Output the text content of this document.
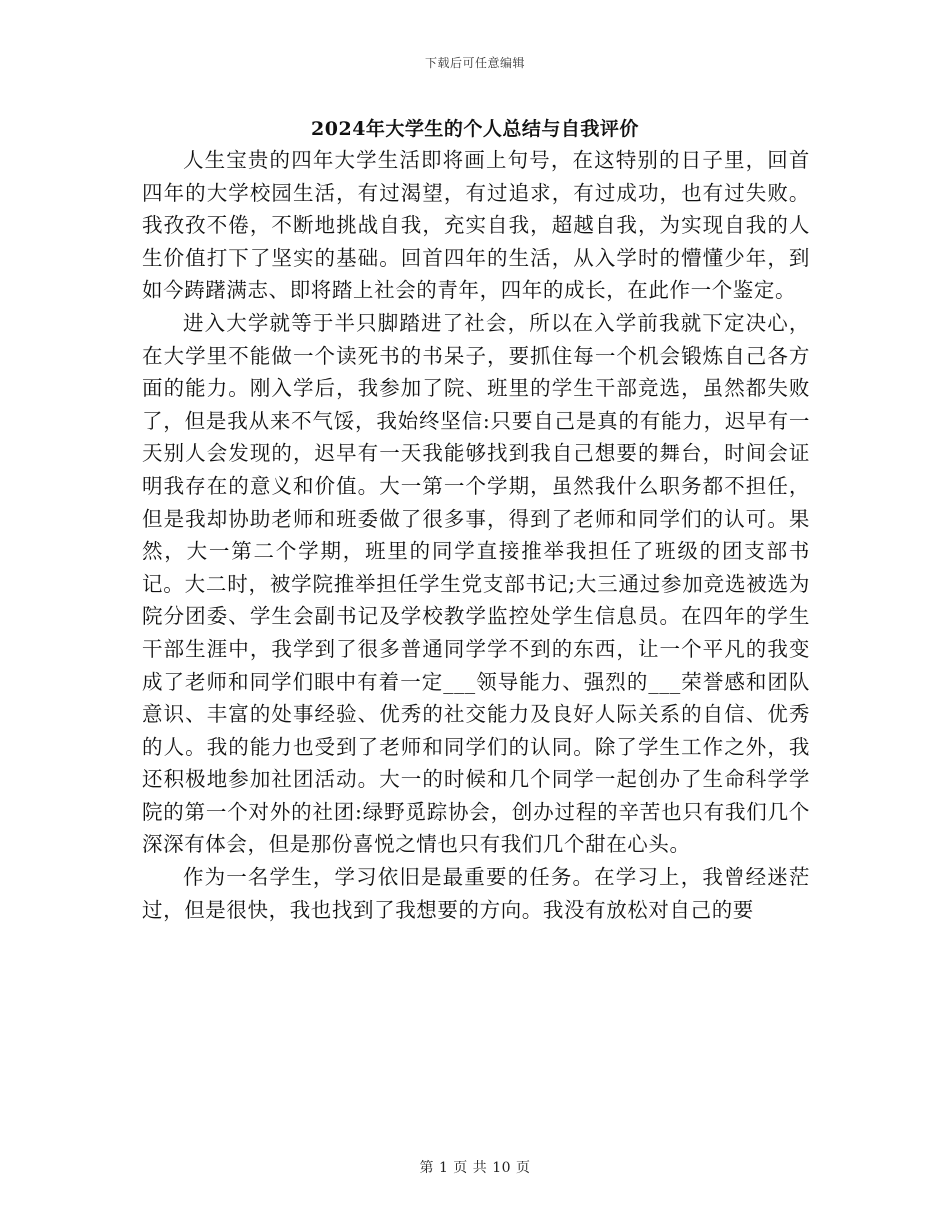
下载后可任意编辑
2024年大学生的个人总结与自我评价

人生宝贵的四年大学生活即将画上句号，在这特别的日子里，回首四年的大学校园生活，有过渴望，有过追求，有过成功，也有过失败。我孜孜不倦，不断地挑战自我，充实自我，超越自我，为实现自我的人生价值打下了坚实的基础。回首四年的生活，从入学时的懵懂少年，到如今踌躇满志、即将踏上社会的青年，四年的成长，在此作一个鉴定。

进入大学就等于半只脚踏进了社会，所以在入学前我就下定决心，在大学里不能做一个读死书的书呆子，要抓住每一个机会锻炼自己各方面的能力。刚入学后，我参加了院、班里的学生干部竞选，虽然都失败了，但是我从来不气馁，我始终坚信:只要自己是真的有能力，迟早有一天别人会发现的，迟早有一天我能够找到我自己想要的舞台，时间会证明我存在的意义和价值。大一第一个学期，虽然我什么职务都不担任，但是我却协助老师和班委做了很多事，得到了老师和同学们的认可。果然，大一第二个学期，班里的同学直接推举我担任了班级的团支部书记。大二时，被学院推举担任学生党支部书记;大三通过参加竞选被选为院分团委、学生会副书记及学校教学监控处学生信息员。在四年的学生干部生涯中，我学到了很多普通同学学不到的东西，让一个平凡的我变成了老师和同学们眼中有着一定___领导能力、强烈的___荣誉感和团队意识、丰富的处事经验、优秀的社交能力及良好人际关系的自信、优秀的人。我的能力也受到了老师和同学们的认同。除了学生工作之外，我还积极地参加社团活动。大一的时候和几个同学一起创办了生命科学学院的第一个对外的社团:绿野觅踪协会，创办过程的辛苦也只有我们几个深深有体会，但是那份喜悦之情也只有我们几个甜在心头。

作为一名学生，学习依旧是最重要的任务。在学习上，我曾经迷茫过，但是很快，我也找到了我想要的方向。我没有放松对自己的要

第 1 页 共 10 页
